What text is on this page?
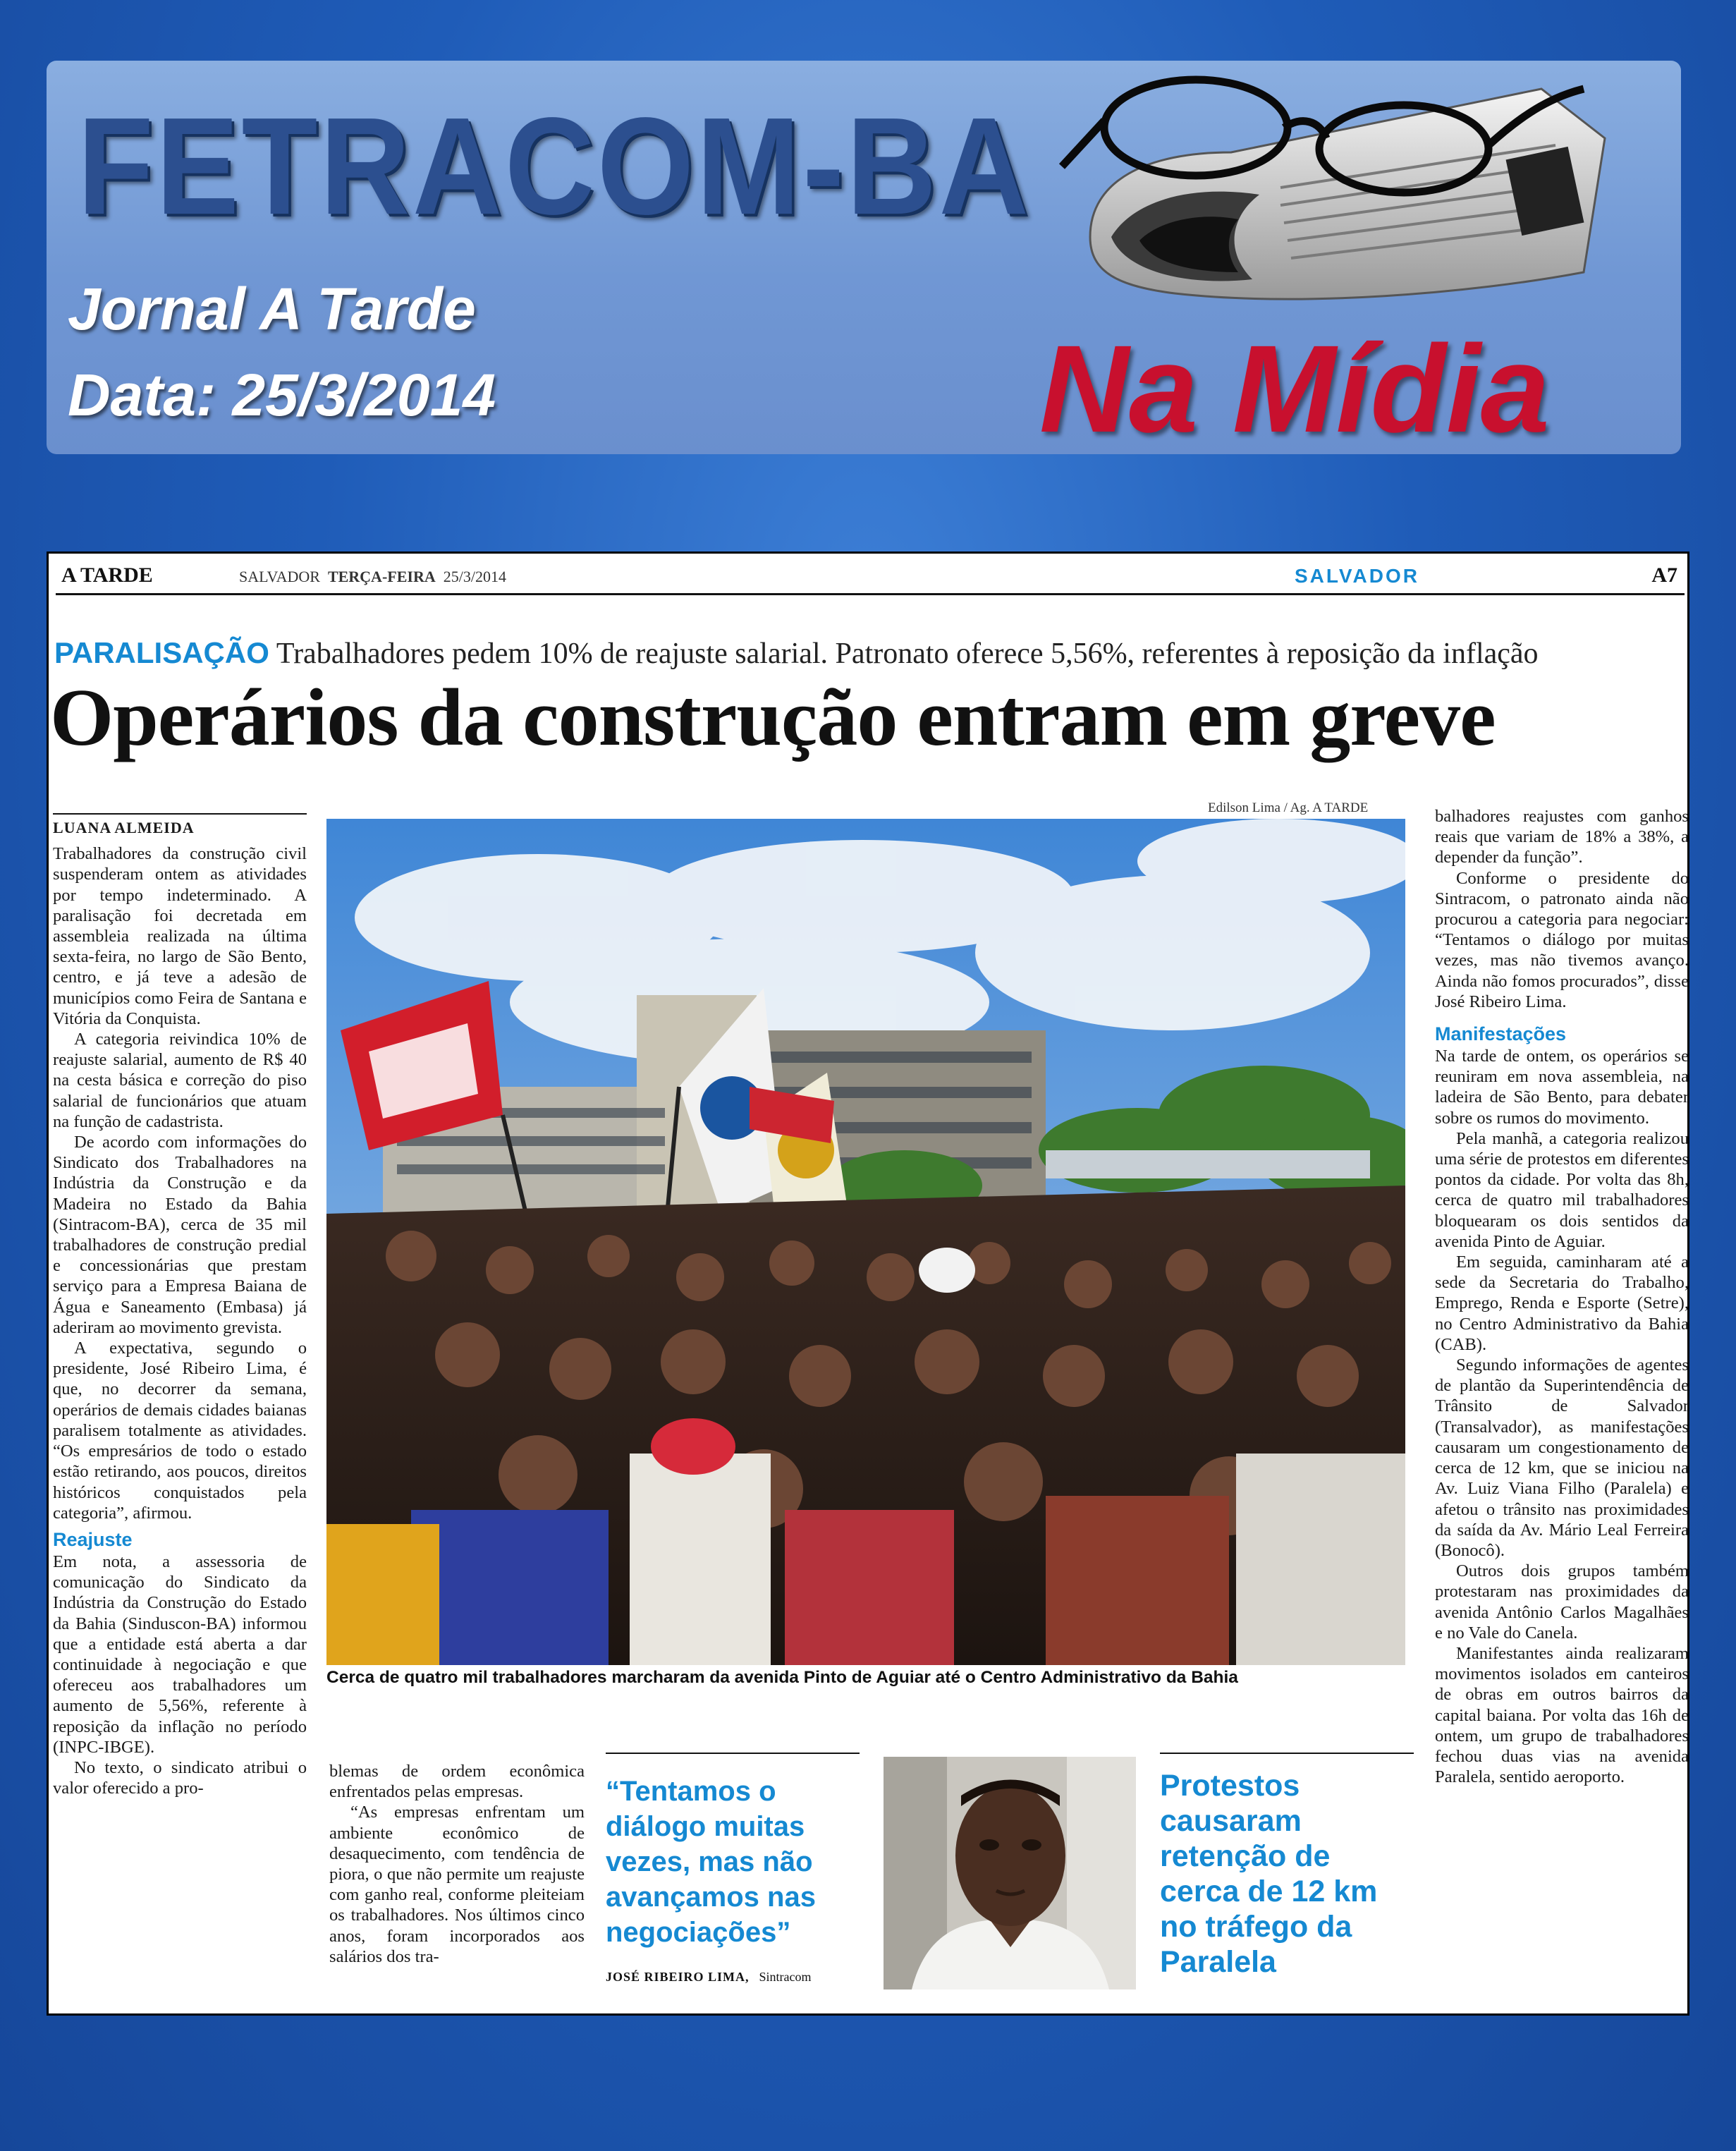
FETRACOM-BA
Jornal A Tarde
Data: 25/3/2014	Na Mídia
A TARDE	SALVADOR TERÇA-FEIRA 25/3/2014	SALVADOR	A7
PARALISAÇÃO Trabalhadores pedem 10% de reajuste salarial. Patronato oferece 5,56%, referentes à reposição da inflação
Operários da construção entram em greve
LUANA ALMEIDA

Trabalhadores da construção civil suspenderam ontem as atividades por tempo indeterminado. A paralisação foi decretada em assembleia realizada na última sexta-feira, no largo de São Bento, centro, e já teve a adesão de municípios como Feira de Santana e Vitória da Conquista.

A categoria reivindica 10% de reajuste salarial, aumento de R$ 40 na cesta básica e correção do piso salarial de funcionários que atuam na função de cadastrista.

De acordo com informações do Sindicato dos Trabalhadores na Indústria da Construção e da Madeira no Estado da Bahia (Sintracom-BA), cerca de 35 mil trabalhadores de construção predial e concessionárias que prestam serviço para a Empresa Baiana de Água e Saneamento (Embasa) já aderiram ao movimento grevista.

A expectativa, segundo o presidente, José Ribeiro Lima, é que, no decorrer da semana, operários de demais cidades baianas paralisem totalmente as atividades. “Os empresários de todo o estado estão retirando, aos poucos, direitos históricos conquistados pela categoria”, afirmou.

Reajuste

Em nota, a assessoria de comunicação do Sindicato da Indústria da Construção do Estado da Bahia (Sinduscon-BA) informou que a entidade está aberta a dar continuidade à negociação e que ofereceu aos trabalhadores um aumento de 5,56%, referente à reposição da inflação no período (INPC-IBGE).

No texto, o sindicato atribui o valor oferecido a pro-

Edilson Lima / Ag. A TARDE
Cerca de quatro mil trabalhadores marcharam da avenida Pinto de Aguiar até o Centro Administrativo da Bahia

blemas de ordem econômica enfrentados pelas empresas.

“As empresas enfrentam um ambiente econômico de desaquecimento, com tendência de piora, o que não permite um reajuste com ganho real, conforme pleiteiam os trabalhadores. Nos últimos cinco anos, foram incorporados aos salários dos tra-

“Tentamos o diálogo muitas vezes, mas não avançamos nas negociações”
JOSÉ RIBEIRO LIMA, Sintracom
Protestos causaram retenção de cerca de 12 km no tráfego da Paralela

balhadores reajustes com ganhos reais que variam de 18% a 38%, a depender da função”.

Conforme o presidente do Sintracom, o patronato ainda não procurou a categoria para negociar: “Tentamos o diálogo por muitas vezes, mas não tivemos avanço. Ainda não fomos procurados”, disse José Ribeiro Lima.

Manifestações

Na tarde de ontem, os operários se reuniram em nova assembleia, na ladeira de São Bento, para debater sobre os rumos do movimento.

Pela manhã, a categoria realizou uma série de protestos em diferentes pontos da cidade. Por volta das 8h, cerca de quatro mil trabalhadores bloquearam os dois sentidos da avenida Pinto de Aguiar.

Em seguida, caminharam até a sede da Secretaria do Trabalho, Emprego, Renda e Esporte (Setre), no Centro Administrativo da Bahia (CAB).

Segundo informações de agentes de plantão da Superintendência de Trânsito de Salvador (Transalvador), as manifestações causaram um congestionamento de cerca de 12 km, que se iniciou na Av. Luiz Viana Filho (Paralela) e afetou o trânsito nas proximidades da saída da Av. Mário Leal Ferreira (Bonocô).

Outros dois grupos também protestaram nas proximidades da avenida Antônio Carlos Magalhães e no Vale do Canela.

Manifestantes ainda realizaram movimentos isolados em canteiros de obras em outros bairros da capital baiana. Por volta das 16h de ontem, um grupo de trabalhadores fechou duas vias na avenida Paralela, sentido aeroporto.
